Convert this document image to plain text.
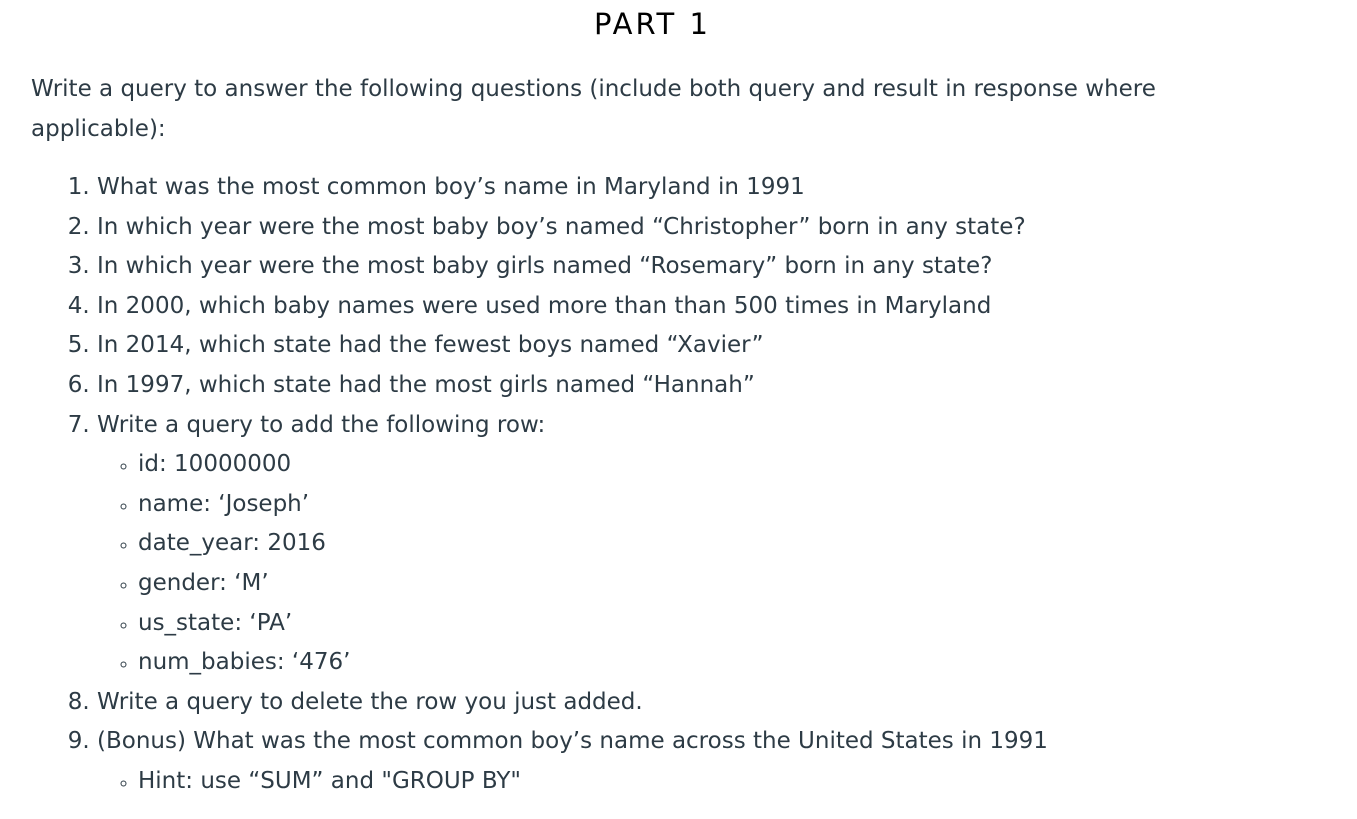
PART 1

Write a query to answer the following questions (include both query and result in response where applicable):

1. What was the most common boy’s name in Maryland in 1991
2. In which year were the most baby boy’s named “Christopher” born in any state?
3. In which year were the most baby girls named “Rosemary” born in any state?
4. In 2000, which baby names were used more than than 500 times in Maryland
5. In 2014, which state had the fewest boys named “Xavier”
6. In 1997, which state had the most girls named “Hannah”
7. Write a query to add the following row:
◦ id: 10000000
◦ name: ‘Joseph’
◦ date_year: 2016
◦ gender: ‘M’
◦ us_state: ‘PA’
◦ num_babies: ‘476’
8. Write a query to delete the row you just added.
9. (Bonus) What was the most common boy’s name across the United States in 1991
◦ Hint: use “SUM” and "GROUP BY"
